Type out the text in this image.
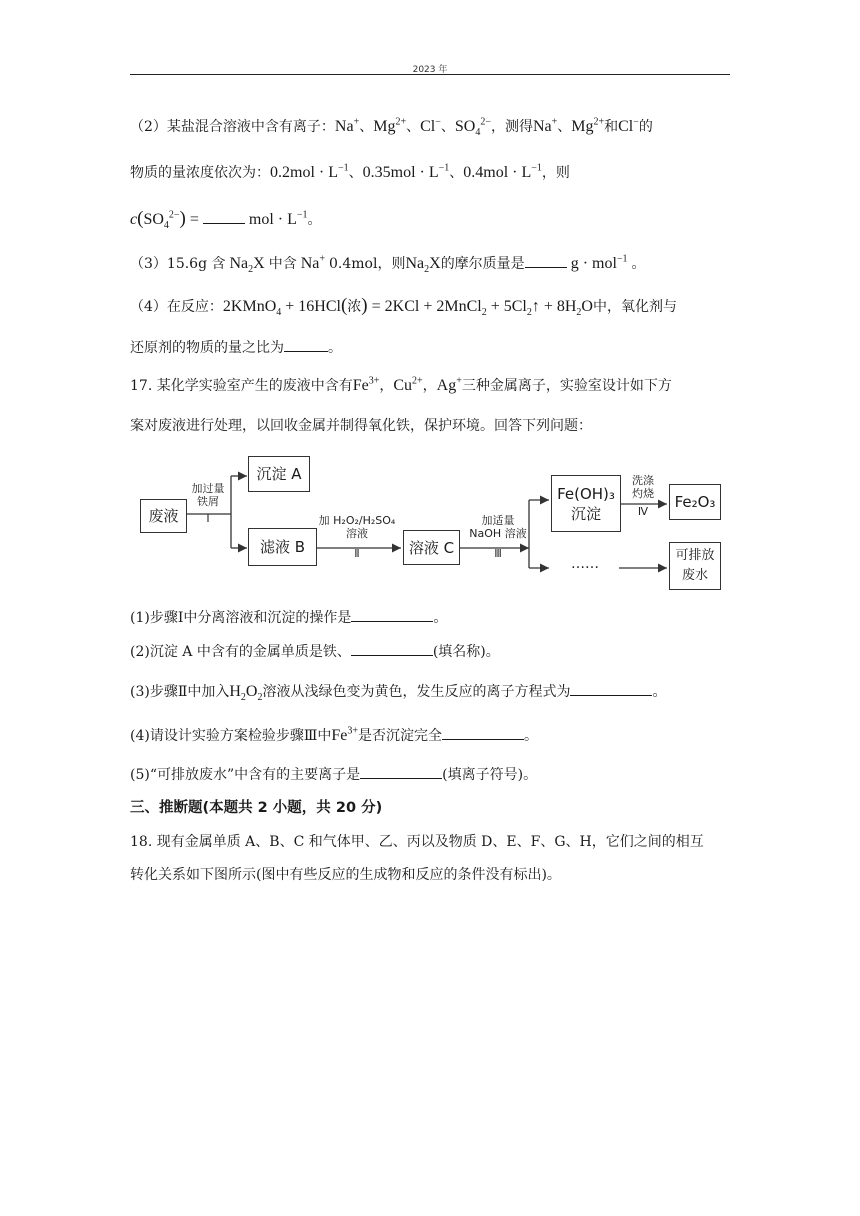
2023 年
（2）某盐混合溶液中含有离子：Na+、$Mg^{2+}$、Cl−、$SO_4^{2-}$，测得Na+、$Mg^{2+}$和Cl−的
物质的量浓度依次为：$0.2mol \cdot L^{-1}$、$0.35mol \cdot L^{-1}$、$0.4mol \cdot L^{-1}$，则
$c(SO_4^{2-})$ =	mol · $L^{-1}$。
（3）15.6g 含 $Na_2X$ 中含 Na+ 0.4mol，则$Na_2X$的摩尔质量是	g · mol$^{-1}$ 。
（4）在反应：2KMnO$_4$ + 16HCl(浓) = 2KCl + 2MnCl$_2$ + $5Cl_2↑ + 8H_2O$中，氧化剂与
还原剂的物质的量之比为	。
17. 某化学实验室产生的废液中含有$Fe^{3+}$，$Cu^{2+}$，Ag+三种金属离子，实验室设计如下方
案对废液进行处理，以回收金属并制得氧化铁，保护环境。回答下列问题：
废液
加过量
铁屑
Ⅰ
沉淀 A
滤液 B
加 H₂O₂/H₂SO₄
溶液
Ⅱ	溶液 C
加适量
NaOH 溶液
Ⅲ
Fe(OH)₃
沉淀
洗涤
灼烧
Ⅳ
Fe₂O₃
……
可排放
废水
(1)步骤Ⅰ中分离溶液和沉淀的操作是	。
(2)沉淀 A 中含有的金属单质是铁、	(填名称)。
(3)步骤Ⅱ中加入$H_2O_2$溶液从浅绿色变为黄色，发生反应的离子方程式为	。
(4)请设计实验方案检验步骤Ⅲ中$Fe^{3+}$是否沉淀完全	。
(5)“可排放废水”中含有的主要离子是	(填离子符号)。
三、推断题(本题共 2 小题，共 20 分)
18. 现有金属单质 A、B、C 和气体甲、乙、丙以及物质 D、E、F、G、H，它们之间的相互
转化关系如下图所示(图中有些反应的生成物和反应的条件没有标出)。
